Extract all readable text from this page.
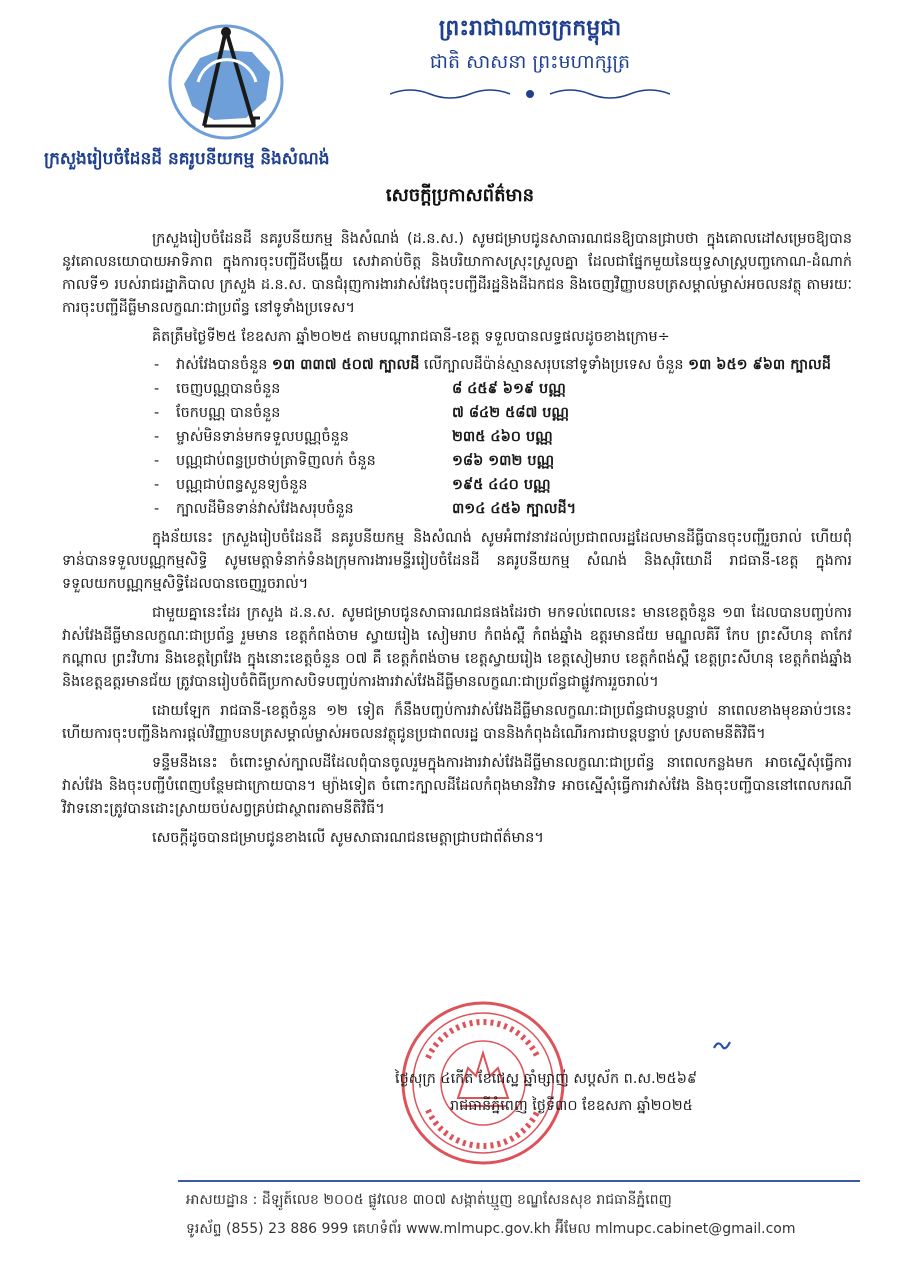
ព្រះរាជាណាចក្រកម្ពុជា
ជាតិ សាសនា ព្រះមហាក្សត្រ
ក្រសួងរៀបចំដែនដី នគរូបនីយកម្ម និងសំណង់
សេចក្តីប្រកាសព័ត៌មាន

ក្រសួងរៀបចំដែនដី នគរូបនីយកម្ម និងសំណង់ (ដ.ន.ស.) សូមជម្រាបជូនសាធារណជនឱ្យបានជ្រាបថា ក្នុងគោលដៅសម្រេចឱ្យបាននូវគោលនយោបាយអាទិភាព ក្នុងការចុះបញ្ជីដីបង្ហើយ សេវាគាប់ចិត្ត និងបរិយាកាសស្រុះស្រួលគ្នា ដែលជាផ្នែកមួយនៃយុទ្ធសាស្ត្របញ្ចកោណ-ដំណាក់កាលទី១ របស់រាជរដ្ឋាភិបាល ក្រសួង ដ.ន.ស. បានជំរុញការងារវាស់វែងចុះបញ្ជីដីរដ្ឋនិងដីឯកជន និងចេញវិញ្ញាបនបត្រសម្គាល់ម្ចាស់អចលនវត្ថុ តាមរយៈការចុះបញ្ជីដីធ្លីមានលក្ខណៈជាប្រព័ន្ធ នៅទូទាំងប្រទេស។

គិតត្រឹមថ្ងៃទី២៥ ខែឧសភា ឆ្នាំ២០២៥ តាមបណ្តារាជធានី-ខេត្ត ទទួលបានលទ្ធផលដូចខាងក្រោម÷
-	វាស់វែងបានចំនួន ១៣ ៣៣៧ ៥០៧ ក្បាលដី លើក្បាលដីប៉ាន់ស្មានសរុបនៅទូទាំងប្រទេស ចំនួន ១៣ ៦៥១ ៩៦៣ ក្បាលដី
-	ចេញបណ្ណបានចំនួន	៨ ៤៥៩ ៦១៩ បណ្ណ
-	ចែកបណ្ណ បានចំនួន	៧ ៨៤២ ៥៨៧ បណ្ណ
-	ម្ចាស់មិនទាន់មកទទួលបណ្ណចំនួន	២៣៥ ៤៦០ បណ្ណ
-	បណ្ណជាប់ពន្ធប្រថាប់ត្រាទិញលក់ ចំនួន	១៨៦ ១៣២ បណ្ណ
-	បណ្ណជាប់ពន្ធសួនទ្យចំនួន	១៩៥ ៤៤០ បណ្ណ
-	ក្បាលដីមិនទាន់វាស់វែងសរុបចំនួន	៣១៤ ៤៥៦ ក្បាលដី។

ក្នុងន័យនេះ ក្រសួងរៀបចំដែនដី នគរូបនីយកម្ម និងសំណង់ សូមអំពាវនាវដល់ប្រជាពលរដ្ឋដែលមានដីធ្លីបានចុះបញ្ជីរួចរាល់ ហើយពុំទាន់បានទទួលបណ្ណកម្មសិទ្ធិ សូមមេត្តាទំនាក់ទំនងក្រុមការងារមន្ទីររៀបចំដែនដី នគរូបនីយកម្ម សំណង់ និងសុរិយោដី រាជធានី-ខេត្ត ក្នុងការទទួលយកបណ្ណកម្មសិទ្ធិដែលបានចេញរួចរាល់។

ជាមួយគ្នានេះដែរ ក្រសួង ដ.ន.ស. សូមជម្រាបជូនសាធារណជនផងដែរថា មកទល់ពេលនេះ មានខេត្តចំនួន ១៣ ដែលបានបញ្ចប់ការវាស់វែងដីធ្លីមានលក្ខណៈជាប្រព័ន្ធ រួមមាន ខេត្តកំពង់ចាម ស្វាយរៀង សៀមរាប កំពង់ស្ពឺ កំពង់ឆ្នាំង ឧត្តរមានជ័យ មណ្ឌលគិរី កែប ព្រះសីហនុ តាកែវ កណ្តាល ព្រះវិហារ និងខេត្តព្រៃវែង ក្នុងនោះខេត្តចំនួន ០៧ គឺ ខេត្តកំពង់ចាម ខេត្តស្វាយរៀង ខេត្តសៀមរាប ខេត្តកំពង់ស្ពឺ ខេត្តព្រះសីហនុ ខេត្តកំពង់ឆ្នាំង និងខេត្តឧត្តរមានជ័យ ត្រូវបានរៀបចំពិធីប្រកាសបិទបញ្ចប់ការងារវាស់វែងដីធ្លីមានលក្ខណៈជាប្រព័ន្ធជាផ្លូវការរួចរាល់។

ដោយឡែក រាជធានី-ខេត្តចំនួន ១២ ទៀត ក៏នឹងបញ្ចប់ការវាស់វែងដីធ្លីមានលក្ខណៈជាប្រព័ន្ធជាបន្តបន្ទាប់ នាពេលខាងមុខឆាប់ៗនេះ ហើយការចុះបញ្ជីនិងការផ្តល់វិញ្ញាបនបត្រសម្គាល់ម្ចាស់អចលនវត្ថុជូនប្រជាពលរដ្ឋ បាននិងកំពុងដំណើរការជាបន្តបន្ទាប់ ស្របតាមនីតិវិធី។

ទន្ទឹមនឹងនេះ ចំពោះម្ចាស់ក្បាលដីដែលពុំបានចូលរួមក្នុងការងារវាស់វែងដីធ្លីមានលក្ខណៈជាប្រព័ន្ធ នាពេលកន្លងមក អាចស្នើសុំធ្វើការវាស់វែង និងចុះបញ្ជីបំពេញបន្ថែមជាក្រោយបាន។ ម្យ៉ាងទៀត ចំពោះក្បាលដីដែលកំពុងមានវិវាទ អាចស្នើសុំធ្វើការវាស់វែង និងចុះបញ្ជីបាននៅពេលករណីវិវាទនោះត្រូវបានដោះស្រាយចប់សព្វគ្រប់ជាស្ថាពរតាមនីតិវិធី។

សេចក្តីដូចបានជម្រាបជូនខាងលើ សូមសាធារណជនមេត្តាជ្រាបជាព័ត៌មាន។

ថ្ងៃសុក្រ ៤កើត ខែជេស្ឋ ឆ្នាំម្សាញ់ សប្តស័ក ព.ស.២៥៦៩
រាជធានីភ្នំពេញ ថ្ងៃទី៣០ ខែឧសភា ឆ្នាំ២០២៥
អាសយដ្ឋាន : ដីឡូត៍លេខ ២០០៥ ផ្លូវលេខ ៣០៧ សង្កាត់ឃ្មួញ ខណ្ឌសែនសុខ រាជធានីភ្នំពេញ
ទូរស័ព្ទ (855) 23 886 999 គេហទំព័រ www.mlmupc.gov.kh អ៊ីមែល mlmupc.cabinet@gmail.com
